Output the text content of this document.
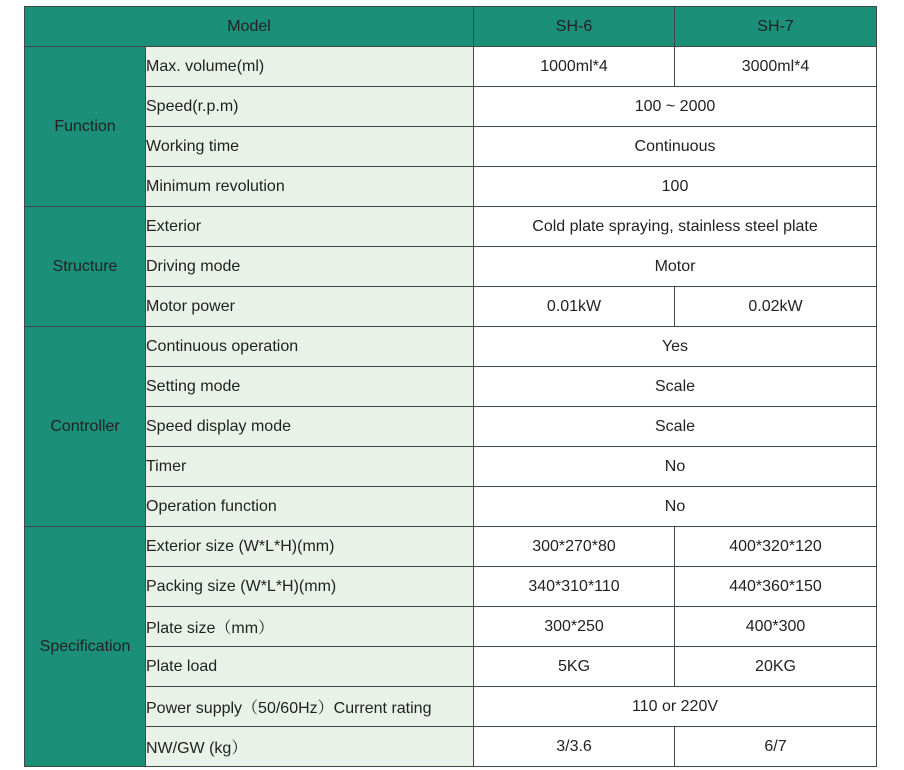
Model		SH-6	SH-7
Function	Max. volume(ml)	1000ml*4	3000ml*4
	Speed(r.p.m)	100 ~ 2000	
	Working time	Continuous	
	Minimum revolution	100	
Structure	Exterior	Cold plate spraying, stainless steel plate	
	Driving mode	Motor	
	Motor power	0.01kW	0.02kW
Controller	Continuous operation	Yes	
	Setting mode	Scale	
	Speed display mode	Scale	
	Timer	No	
	Operation function	No	
Specification	Exterior size (W*L*H)(mm)	300*270*80	400*320*120
	Packing size (W*L*H)(mm)	340*310*110	440*360*150
	Plate size（mm）	300*250	400*300
	Plate load	5KG	20KG
	Power supply（50/60Hz）Current rating	110 or 220V	
	NW/GW (kg）	3/3.6	6/7
